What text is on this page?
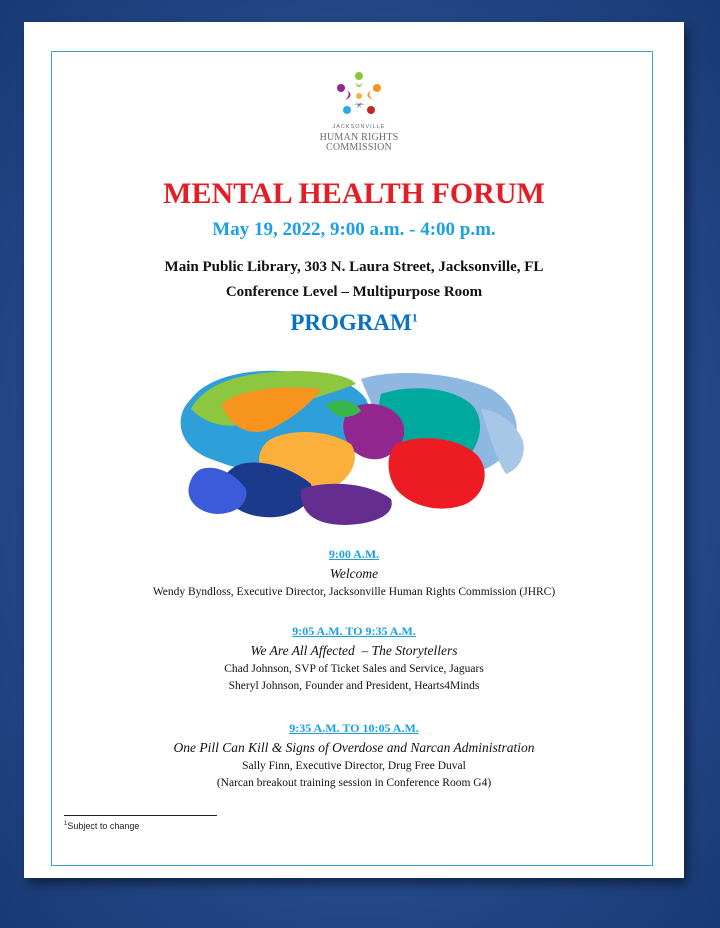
JACKSONVILLE
HUMAN RIGHTS
COMMISSION
MENTAL HEALTH FORUM
May 19, 2022, 9:00 a.m. - 4:00 p.m.
Main Public Library, 303 N. Laura Street, Jacksonville, FL
Conference Level – Multipurpose Room
PROGRAM$^1$
9:00 A.M.
Welcome
Wendy Byndloss, Executive Director, Jacksonville Human Rights Commission (JHRC)
9:05 A.M. TO 9:35 A.M.
We Are All Affected  – The Storytellers
Chad Johnson, SVP of Ticket Sales and Service, Jaguars
Sheryl Johnson, Founder and President, Hearts4Minds
9:35 A.M. TO 10:05 A.M.
One Pill Can Kill & Signs of Overdose and Narcan Administration
Sally Finn, Executive Director, Drug Free Duval
(Narcan breakout training session in Conference Room G4)
$^1$Subject to change
